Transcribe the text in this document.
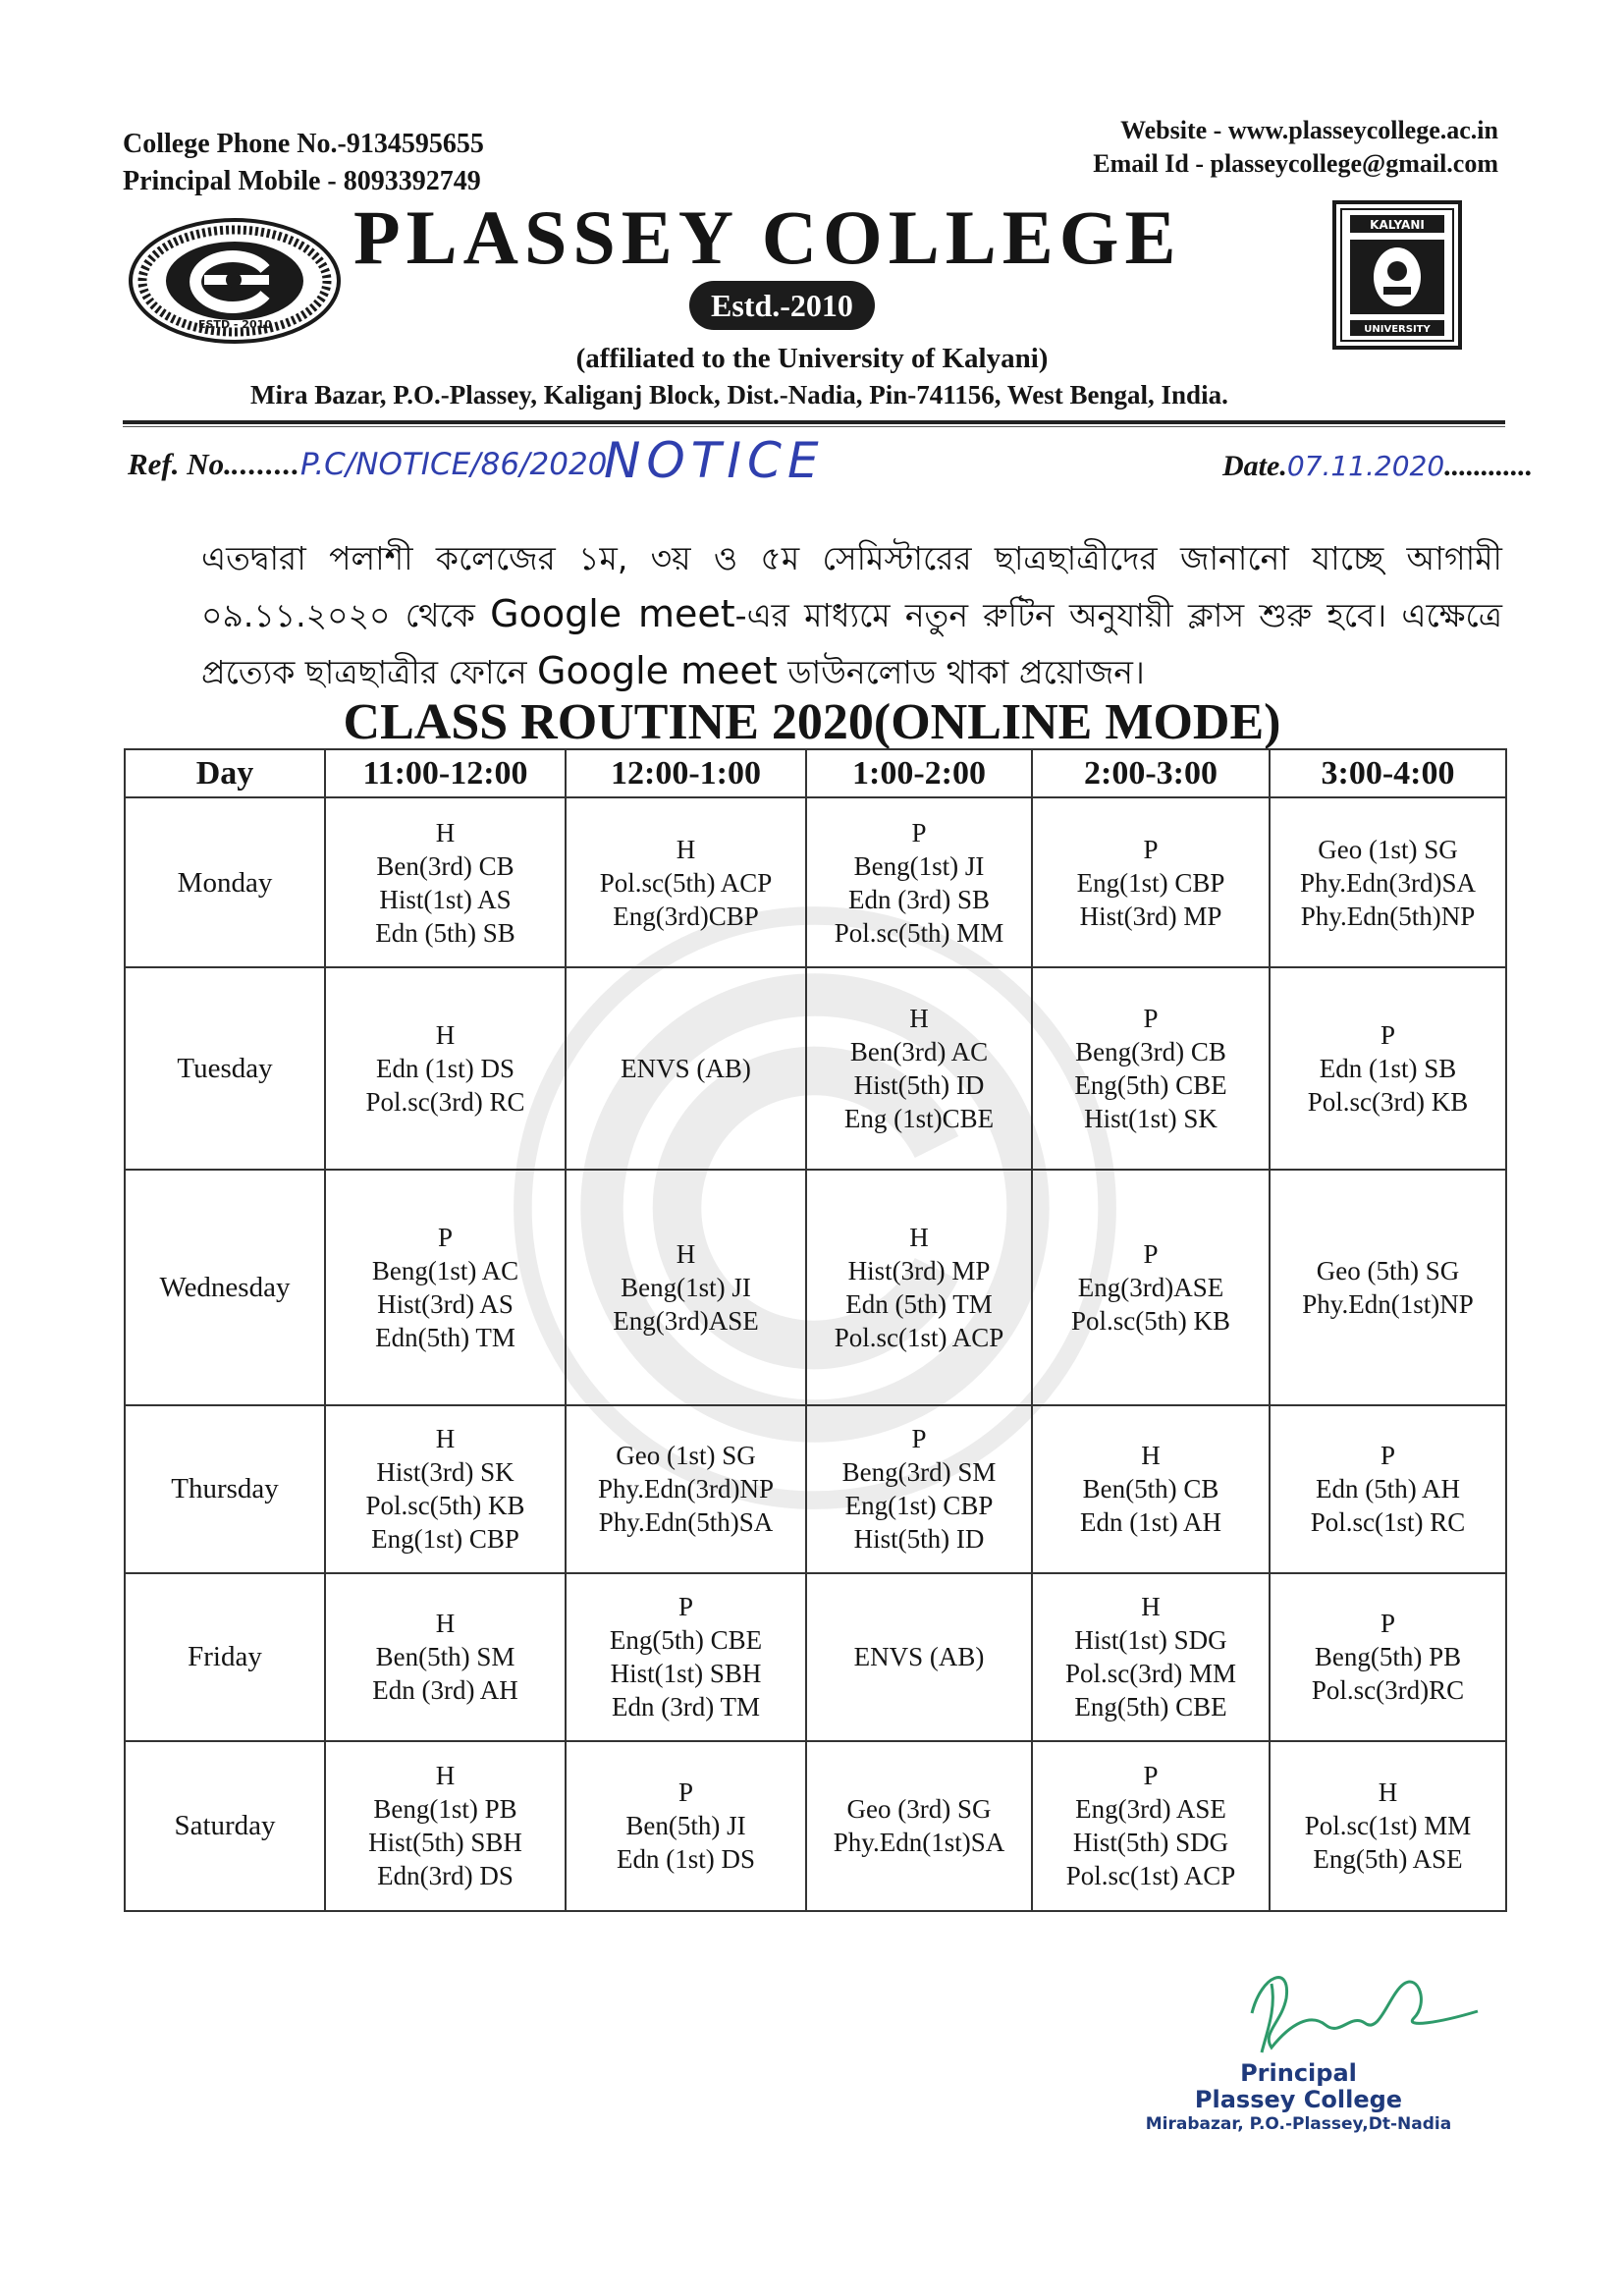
College Phone No.-9134595655
Principal Mobile - 8093392749
Website - www.plasseycollege.ac.in
Email Id - plasseycollege@gmail.com
ESTD - 2010
PLASSEY COLLEGE
Estd.-2010
KALYANI
UNIVERSITY
(affiliated to the University of Kalyani)
Mira Bazar, P.O.-Plassey, Kaliganj Block, Dist.-Nadia, Pin-741156, West Bengal, India.
Ref. No.........P.C/NOTICE/86/2020
NOTICE	Date.07.11.2020............
এতদ্বারা পলাশী কলেজের ১ম, ৩য় ও ৫ম সেমিস্টারের ছাত্রছাত্রীদের জানানো যাচ্ছে আগামী ০৯.১১.২০২০ থেকে Google meet-এর মাধ্যমে নতুন রুটিন অনুযায়ী ক্লাস শুরু হবে। এক্ষেত্রে প্রত্যেক ছাত্রছাত্রীর ফোনে Google meet ডাউনলোড থাকা প্রয়োজন।
CLASS ROUTINE 2020(ONLINE MODE)
Day	11:00-12:00	12:00-1:00	1:00-2:00	2:00-3:00	3:00-4:00
Monday	H
Ben(3rd) CB
Hist(1st) AS
Edn (5th) SB	H
Pol.sc(5th) ACP
Eng(3rd)CBP	P
Beng(1st) JI
Edn (3rd) SB
Pol.sc(5th) MM	P
Eng(1st) CBP
Hist(3rd) MP	Geo (1st) SG
Phy.Edn(3rd)SA
Phy.Edn(5th)NP

Tuesday	H
Edn (1st) DS
Pol.sc(3rd) RC	ENVS (AB)	H
Ben(3rd) AC
Hist(5th) ID
Eng (1st)CBE	P
Beng(3rd) CB
Eng(5th) CBE
Hist(1st) SK	P
Edn (1st) SB
Pol.sc(3rd) KB

Wednesday	P
Beng(1st) AC
Hist(3rd) AS
Edn(5th) TM	H
Beng(1st) JI
Eng(3rd)ASE	H
Hist(3rd) MP
Edn (5th) TM
Pol.sc(1st) ACP	P
Eng(3rd)ASE
Pol.sc(5th) KB	Geo (5th) SG
Phy.Edn(1st)NP

Thursday	H
Hist(3rd) SK
Pol.sc(5th) KB
Eng(1st) CBP	Geo (1st) SG
Phy.Edn(3rd)NP
Phy.Edn(5th)SA	P
Beng(3rd) SM
Eng(1st) CBP
Hist(5th) ID	H
Ben(5th) CB
Edn (1st) AH	P
Edn (5th) AH
Pol.sc(1st) RC

Friday	H
Ben(5th) SM
Edn (3rd) AH	P
Eng(5th) CBE
Hist(1st) SBH
Edn (3rd) TM	ENVS (AB)	H
Hist(1st) SDG
Pol.sc(3rd) MM
Eng(5th) CBE	P
Beng(5th) PB
Pol.sc(3rd)RC

Saturday	H
Beng(1st) PB
Hist(5th) SBH
Edn(3rd) DS	P
Ben(5th) JI
Edn (1st) DS	Geo (3rd) SG
Phy.Edn(1st)SA	P
Eng(3rd) ASE
Hist(5th) SDG
Pol.sc(1st) ACP	H
Pol.sc(1st) MM
Eng(5th) ASE
Principal
Plassey College
Mirabazar, P.O.-Plassey,Dt-Nadia
